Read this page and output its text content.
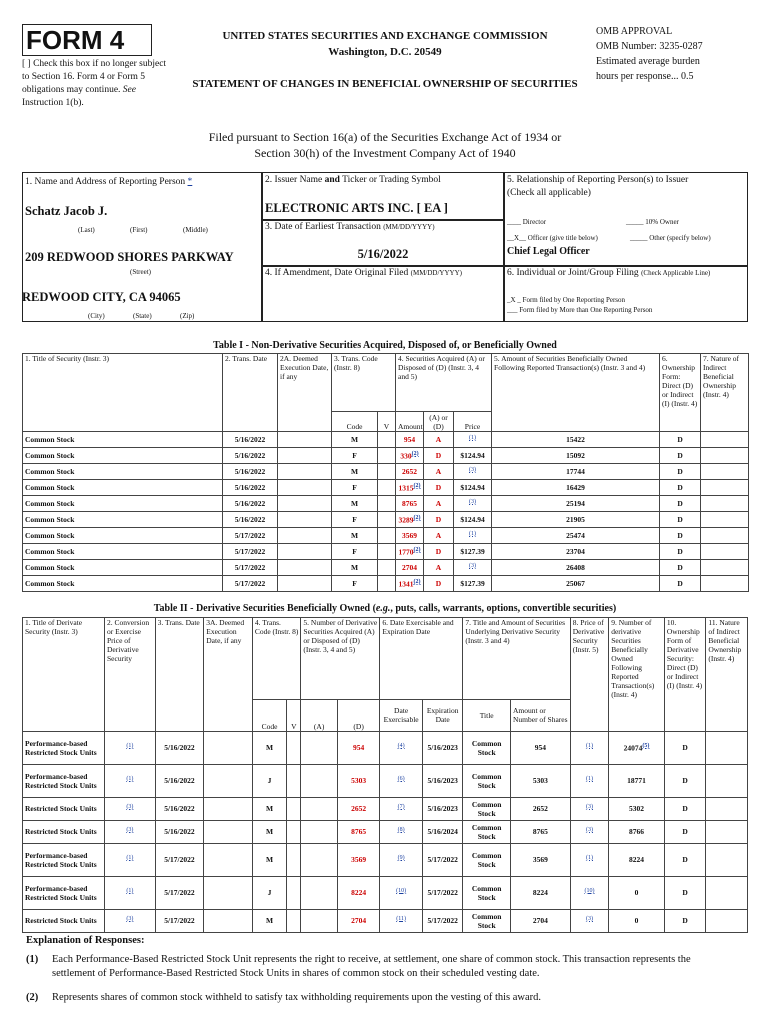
FORM 4
[ ] Check this box if no longer subject to Section 16. Form 4 or Form 5 obligations may continue. See Instruction 1(b).
UNITED STATES SECURITIES AND EXCHANGE COMMISSION
Washington, D.C. 20549
STATEMENT OF CHANGES IN BENEFICIAL OWNERSHIP OF SECURITIES
OMB APPROVAL
OMB Number: 3235-0287
Estimated average burden
hours per response... 0.5
Filed pursuant to Section 16(a) of the Securities Exchange Act of 1934 or
Section 30(h) of the Investment Company Act of 1940
1. Name and Address of Reporting Person *
Schatz Jacob J.
(Last)	(First)	(Middle)
209 REDWOOD SHORES PARKWAY
(Street)
REDWOOD CITY, CA 94065
(City)	(State)	(Zip)
2. Issuer Name and Ticker or Trading Symbol
ELECTRONIC ARTS INC. [ EA ]
3. Date of Earliest Transaction (MM/DD/YYYY)
5/16/2022
4. If Amendment, Date Original Filed (MM/DD/YYYY)
5. Relationship of Reporting Person(s) to Issuer
(Check all applicable)
____ Director	_____ 10% Owner
__X__ Officer (give title below)	_____ Other (specify below)
Chief Legal Officer
6. Individual or Joint/Group Filing (Check Applicable Line)
_X _ Form filed by One Reporting Person
___ Form filed by More than One Reporting Person
Table I - Non-Derivative Securities Acquired, Disposed of, or Beneficially Owned
1. Title of Security (Instr. 3)	2. Trans. Date	2A. Deemed Execution Date, if any	3. Trans. Code (Instr. 8)		4. Securities Acquired (A) or Disposed of (D) (Instr. 3, 4 and 5)			5. Amount of Securities Beneficially Owned Following Reported Transaction(s) (Instr. 3 and 4)	6. Ownership Form: Direct (D) or Indirect (I) (Instr. 4)	7. Nature of Indirect Beneficial Ownership (Instr. 4)
			Code	V	Amount	(A) or (D)	Price			
Common Stock	5/16/2022		M		954	A	$^{(1)}$	15422	D	
Common Stock	5/16/2022		F		330$^{(2)}$	D	$124.94	15092	D	
Common Stock	5/16/2022		M		2652	A	$^{(3)}$	17744	D	
Common Stock	5/16/2022		F		1315$^{(2)}$	D	$124.94	16429	D	
Common Stock	5/16/2022		M		8765	A	$^{(3)}$	25194	D	
Common Stock	5/16/2022		F		3289$^{(2)}$	D	$124.94	21905	D	
Common Stock	5/17/2022		M		3569	A	$^{(1)}$	25474	D	
Common Stock	5/17/2022		F		1770$^{(2)}$	D	$127.39	23704	D	
Common Stock	5/17/2022		M		2704	A	$^{(3)}$	26408	D	
Common Stock	5/17/2022		F		1341$^{(2)}$	D	$127.39	25067	D	
Table II - Derivative Securities Beneficially Owned (e.g., puts, calls, warrants, options, convertible securities)
1. Title of Derivate Security (Instr. 3)	2. Conversion or Exercise Price of Derivative Security	3. Trans. Date	3A. Deemed Execution Date, if any	4. Trans. Code (Instr. 8)		5. Number of Derivative Securities Acquired (A) or Disposed of (D) (Instr. 3, 4 and 5)		6. Date Exercisable and Expiration Date		7. Title and Amount of Securities Underlying Derivative Security (Instr. 3 and 4)		8. Price of Derivative Security (Instr. 5)	9. Number of derivative Securities Beneficially Owned Following Reported Transaction(s) (Instr. 4)	10. Ownership Form of Derivative Security: Direct (D) or Indirect (I) (Instr. 4)	11. Nature of Indirect Beneficial Ownership (Instr. 4)
				Code	V	(A)	(D)	Date Exercisable	Expiration Date	Title	Amount or Number of Shares				
Performance-based Restricted Stock Units	$^{(1)}$	5/16/2022		M			954	$^{(4)}$	5/16/2023	Common Stock	954	$^{(1)}$	24074$^{(5)}$	D	
Performance-based Restricted Stock Units	$^{(1)}$	5/16/2022		J			5303	$^{(6)}$	5/16/2023	Common Stock	5303	$^{(1)}$	18771	D	
Restricted Stock Units	$^{(3)}$	5/16/2022		M			2652	$^{(7)}$	5/16/2023	Common Stock	2652	$^{(3)}$	5302	D	
Restricted Stock Units	$^{(3)}$	5/16/2022		M			8765	$^{(8)}$	5/16/2024	Common Stock	8765	$^{(3)}$	8766	D	
Performance-based Restricted Stock Units	$^{(1)}$	5/17/2022		M			3569	$^{(9)}$	5/17/2022	Common Stock	3569	$^{(1)}$	8224	D	
Performance-based Restricted Stock Units	$^{(1)}$	5/17/2022		J			8224	$^{(10)}$	5/17/2022	Common Stock	8224	$^{(10)}$	0	D	
Restricted Stock Units	$^{(3)}$	5/17/2022		M			2704	$^{(11)}$	5/17/2022	Common Stock	2704	$^{(3)}$	0	D	
Explanation of Responses:
(1)	Each Performance-Based Restricted Stock Unit represents the right to receive, at settlement, one share of common stock. This transaction represents the settlement of Performance-Based Restricted Stock Units in shares of common stock on their scheduled vesting date.
(2)	Represents shares of common stock withheld to satisfy tax withholding requirements upon the vesting of this award.
